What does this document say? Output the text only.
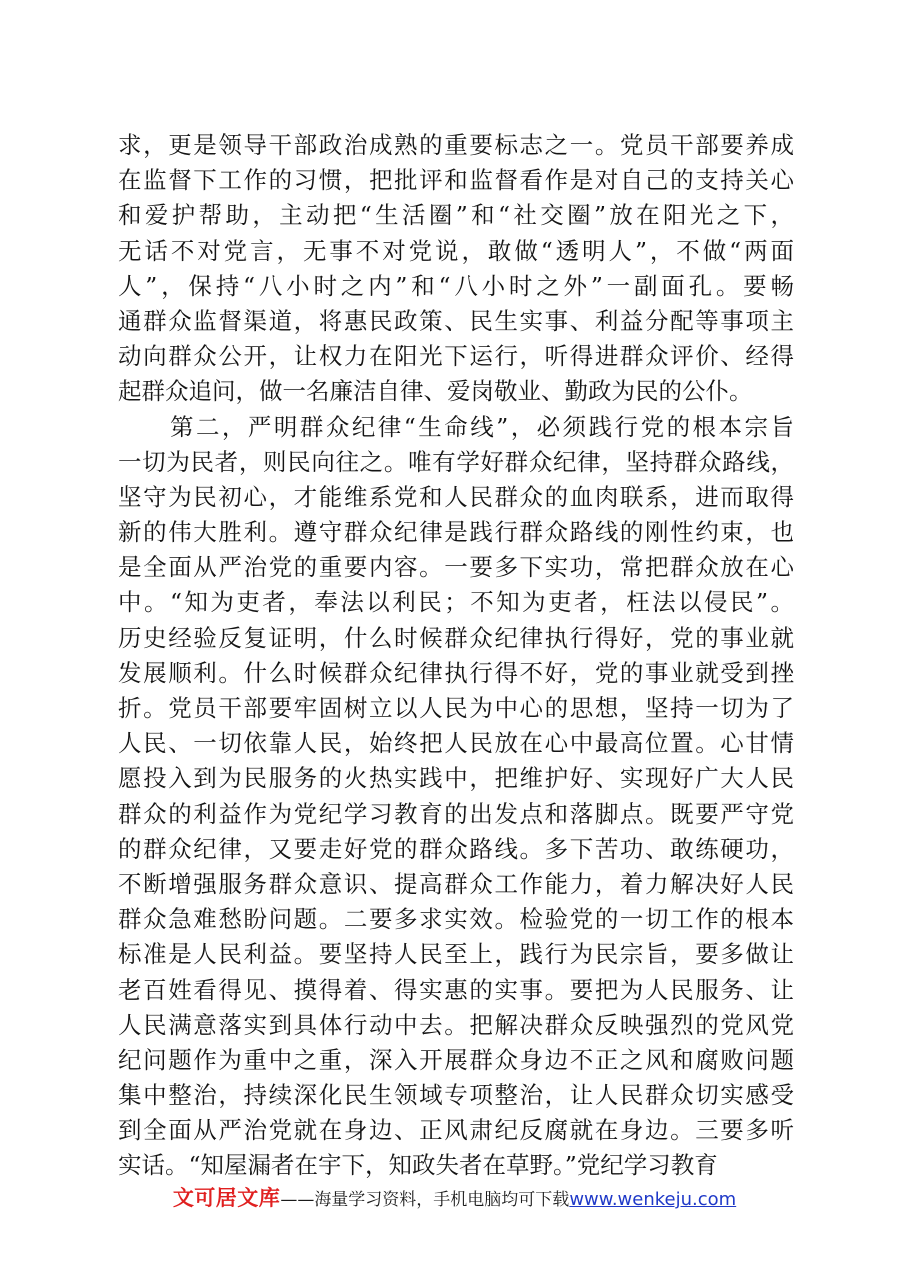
求，更是领导干部政治成熟的重要标志之一。党员干部要养成
在监督下工作的习惯，把批评和监督看作是对自己的支持关心
和爱护帮助，主动把“生活圈”和“社交圈”放在阳光之下，
无话不对党言，无事不对党说，敢做“透明人”，不做“两面
人”，保持“八小时之内”和“八小时之外”一副面孔。要畅
通群众监督渠道，将惠民政策、民生实事、利益分配等事项主
动向群众公开，让权力在阳光下运行，听得进群众评价、经得
起群众追问，做一名廉洁自律、爱岗敬业、勤政为民的公仆。
　　第二，严明群众纪律“生命线”，必须践行党的根本宗旨
一切为民者，则民向往之。唯有学好群众纪律，坚持群众路线，
坚守为民初心，才能维系党和人民群众的血肉联系，进而取得
新的伟大胜利。遵守群众纪律是践行群众路线的刚性约束，也
是全面从严治党的重要内容。一要多下实功，常把群众放在心
中。“知为吏者，奉法以利民；不知为吏者，枉法以侵民”。
历史经验反复证明，什么时候群众纪律执行得好，党的事业就
发展顺利。什么时候群众纪律执行得不好，党的事业就受到挫
折。党员干部要牢固树立以人民为中心的思想，坚持一切为了
人民、一切依靠人民，始终把人民放在心中最高位置。心甘情
愿投入到为民服务的火热实践中，把维护好、实现好广大人民
群众的利益作为党纪学习教育的出发点和落脚点。既要严守党
的群众纪律，又要走好党的群众路线。多下苦功、敢练硬功，
不断增强服务群众意识、提高群众工作能力，着力解决好人民
群众急难愁盼问题。二要多求实效。检验党的一切工作的根本
标准是人民利益。要坚持人民至上，践行为民宗旨，要多做让
老百姓看得见、摸得着、得实惠的实事。要把为人民服务、让
人民满意落实到具体行动中去。把解决群众反映强烈的党风党
纪问题作为重中之重，深入开展群众身边不正之风和腐败问题
集中整治，持续深化民生领域专项整治，让人民群众切实感受
到全面从严治党就在身边、正风肃纪反腐就在身边。三要多听
实话。“知屋漏者在宇下，知政失者在草野。”党纪学习教育
文可居文库——海量学习资料，手机电脑均可下载www.wenkeju.com
